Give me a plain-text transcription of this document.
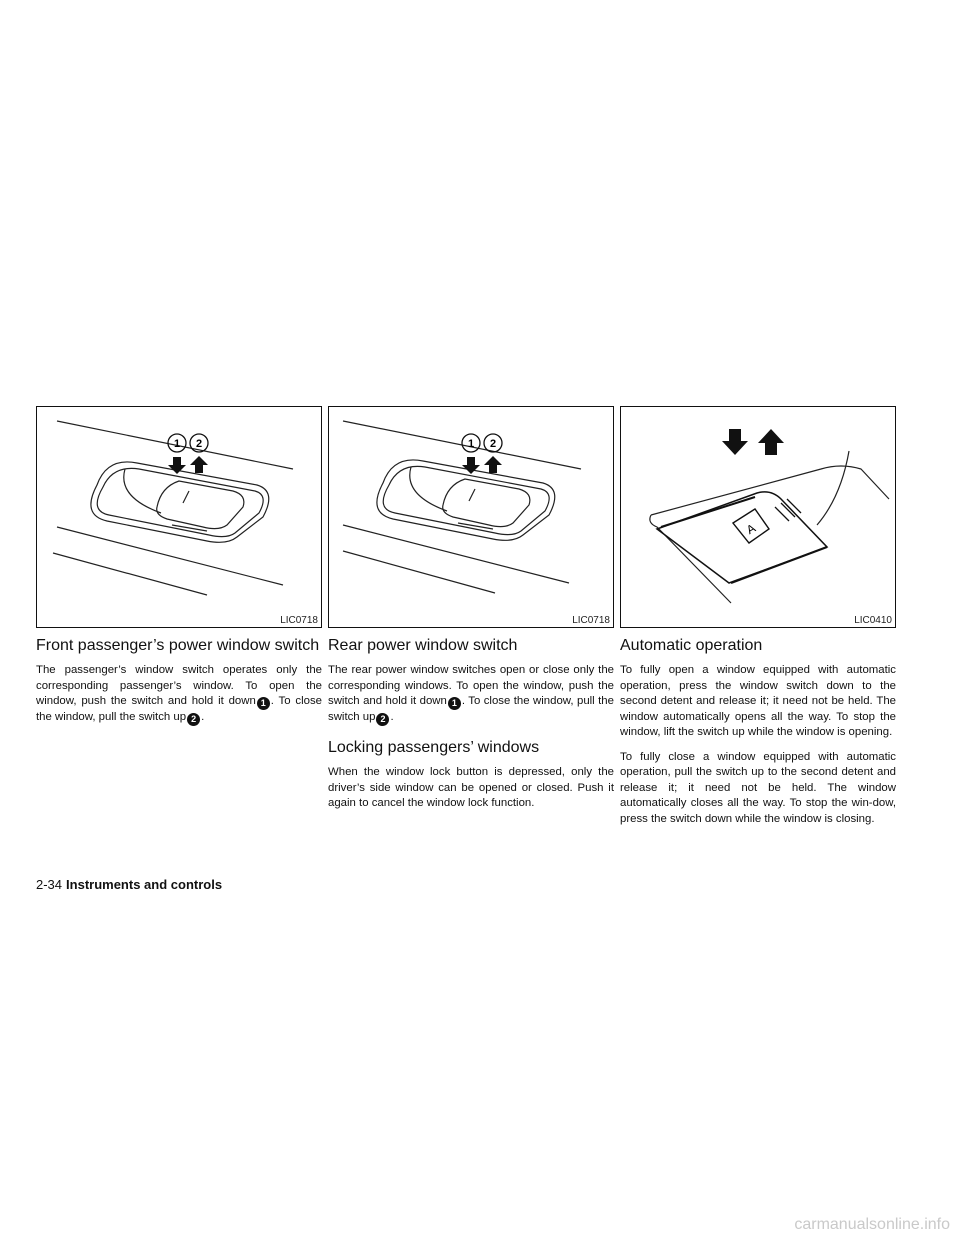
1 2
LIC0718
Front passenger’s power window switch

The passenger’s window switch operates only the corresponding passenger’s window. To open the window, push the switch and hold it down 1 . To close the window, pull the switch up 2 .

1 2
LIC0718
Rear power window switch

The rear power window switches open or close only the corresponding windows. To open the window, push the switch and hold it down 1 . To close the window, pull the switch up 2 .

Locking passengers’ windows

When the window lock button is depressed, only the driver’s side window can be opened or closed. Push it again to cancel the window lock function.

A
LIC0410
Automatic operation

To fully open a window equipped with automatic operation, press the window switch down to the second detent and release it; it need not be held. The window automatically opens all the way. To stop the window, lift the switch up while the window is opening.

To fully close a window equipped with automatic operation, pull the switch up to the second detent and release it; it need not be held. The window automatically closes all the way. To stop the win-dow, press the switch down while the window is closing.

2-34 Instruments and controls
carmanualsonline.info
